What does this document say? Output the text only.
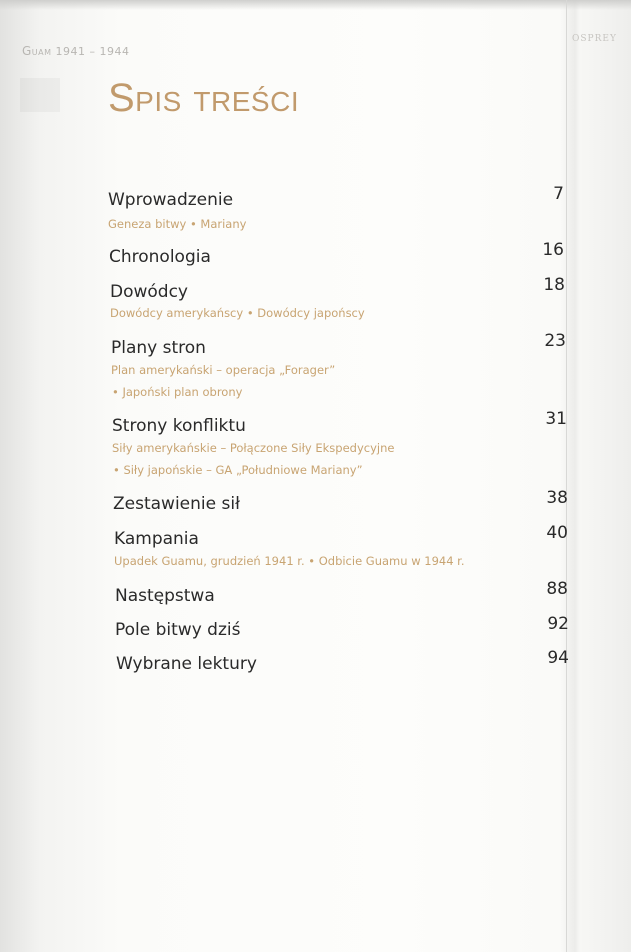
Guam 1941 – 1944
OSPREY
Spis treści
Wprowadzenie	7
Geneza bitwy • Mariany
Chronologia	16
Dowódcy	18
Dowódcy amerykańscy • Dowódcy japońscy
Plany stron	23
Plan amerykański – operacja „Forager”
• Japoński plan obrony
Strony konfliktu	31
Siły amerykańskie – Połączone Siły Ekspedycyjne
• Siły japońskie – GA „Południowe Mariany”
Zestawienie sił	38
Kampania	40
Upadek Guamu, grudzień 1941 r. • Odbicie Guamu w 1944 r.
Następstwa	88
Pole bitwy dziś	92
Wybrane lektury	94
